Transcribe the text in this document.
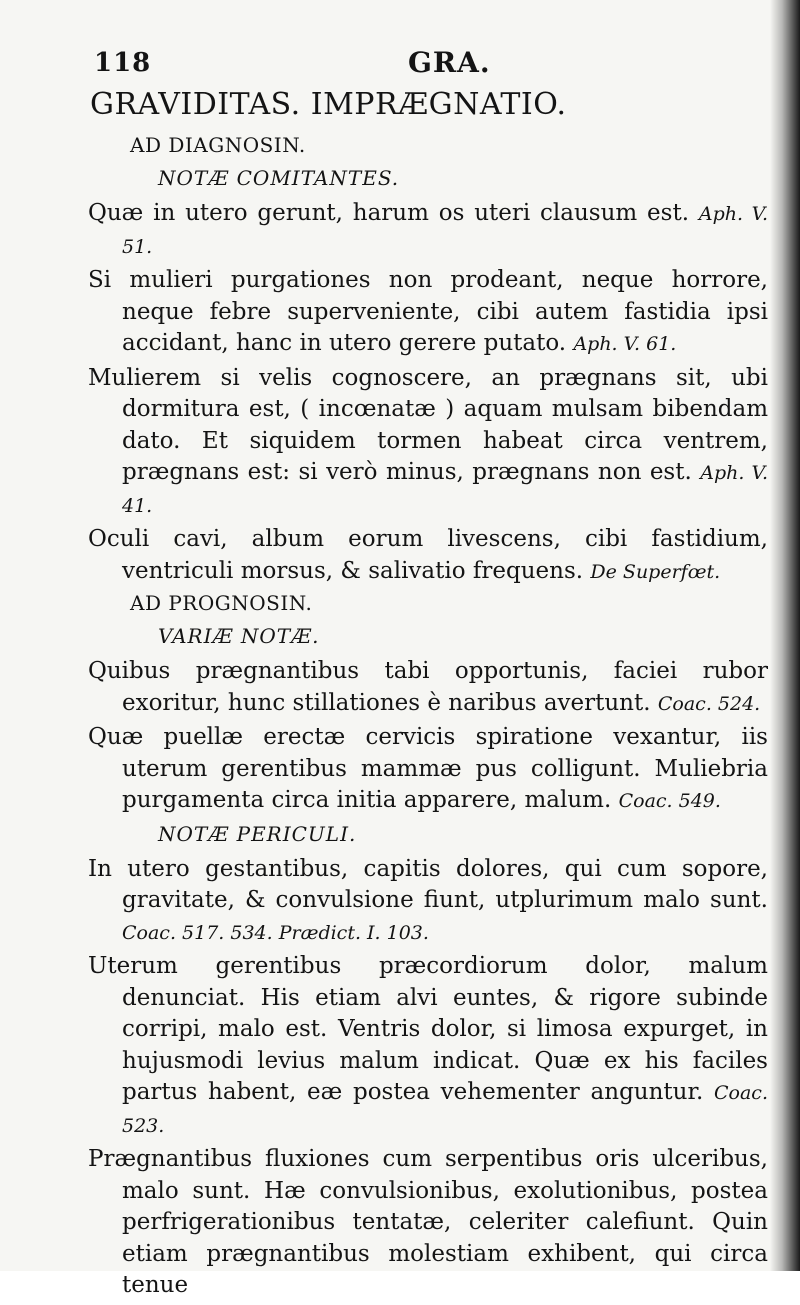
118	GRA.
GRAVIDITAS. IMPRÆGNATIO.
AD DIAGNOSIN.
NOTÆ COMITANTES.

Quæ in utero gerunt, harum os uteri clausum est. Aph. V. 51.

Si mulieri purgationes non prodeant, neque horrore, neque febre superveniente, cibi autem fastidia ipsi accidant, hanc in utero gerere putato. Aph. V. 61.

Mulierem si velis cognoscere, an prægnans sit, ubi dormitura est, ( incœnatæ ) aquam mulsam bibendam dato. Et siquidem tormen habeat circa ventrem, prægnans est: si verò minus, prægnans non est. Aph. V. 41.

Oculi cavi, album eorum livescens, cibi fastidium, ventriculi morsus, & salivatio frequens. De Superfœt.

AD PROGNOSIN.
VARIÆ NOTÆ.

Quibus prægnantibus tabi opportunis, faciei rubor exoritur, hunc stillationes è naribus avertunt. Coac. 524.

Quæ puellæ erectæ cervicis spiratione vexantur, iis uterum gerentibus mammæ pus colligunt. Muliebria purgamenta circa initia apparere, malum. Coac. 549.

NOTÆ PERICULI.

In utero gestantibus, capitis dolores, qui cum sopore, gravitate, & convulsione fiunt, utplurimum malo sunt. Coac. 517. 534. Prædict. I. 103.

Uterum gerentibus præcordiorum dolor, malum denunciat. His etiam alvi euntes, & rigore subinde corripi, malo est. Ventris dolor, si limosa expurget, in hujusmodi levius malum indicat. Quæ ex his faciles partus habent, eæ postea vehementer anguntur. Coac. 523.

Prægnantibus fluxiones cum serpentibus oris ulceribus, malo sunt. Hæ convulsionibus, exolutionibus, postea perfrigerationibus tentatæ, celeriter calefiunt. Quin etiam prægnantibus molestiam exhibent, qui circa tenue
